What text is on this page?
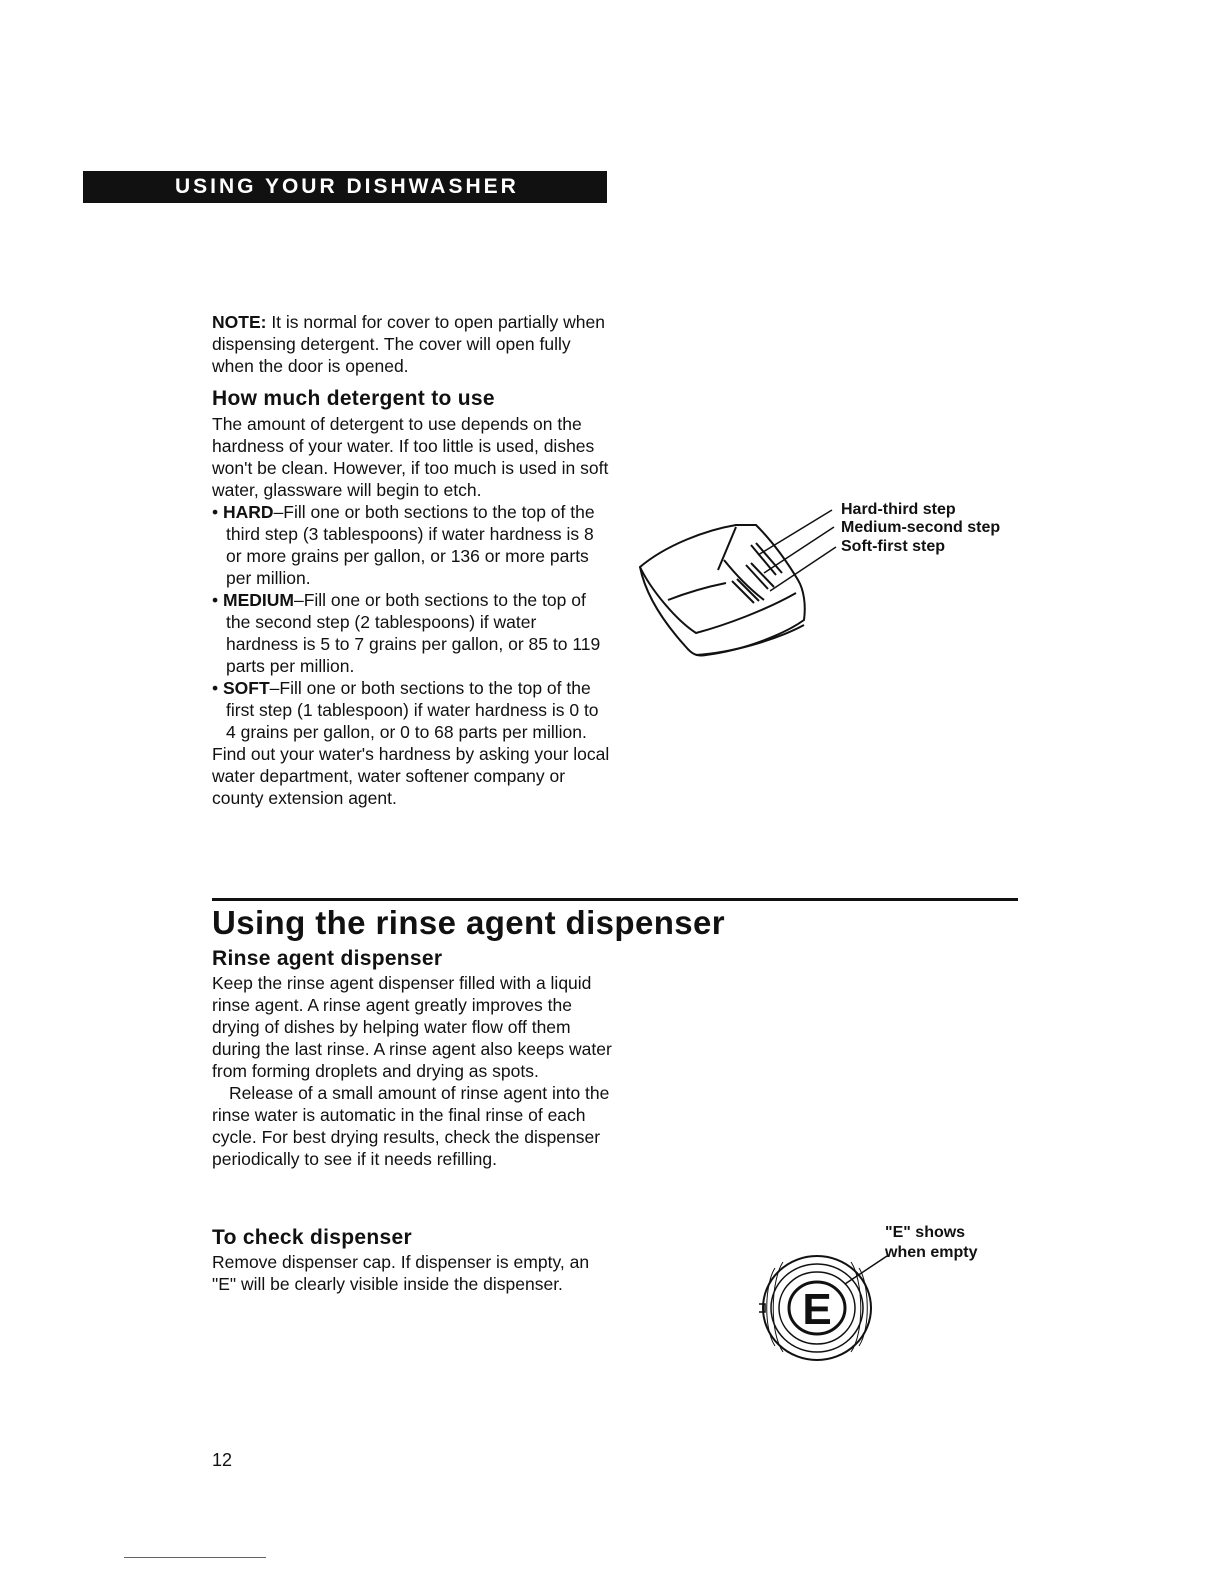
USING YOUR DISHWASHER
NOTE: It is normal for cover to open partially when dispensing detergent. The cover will open fully when the door is opened.
How much detergent to use
The amount of detergent to use depends on the hardness of your water. If too little is used, dishes won't be clean. However, if too much is used in soft water, glassware will begin to etch.
• HARD–Fill one or both sections to the top of the third step (3 tablespoons) if water hardness is 8 or more grains per gallon, or 136 or more parts per million.
• MEDIUM–Fill one or both sections to the top of the second step (2 tablespoons) if water hardness is 5 to 7 grains per gallon, or 85 to 119 parts per million.
• SOFT–Fill one or both sections to the top of the first step (1 tablespoon) if water hardness is 0 to 4 grains per gallon, or 0 to 68 parts per million.
Find out your water's hardness by asking your local water department, water softener company or county extension agent.
Hard-third step
Medium-second step
Soft-first step
Using the rinse agent dispenser
Rinse agent dispenser
Keep the rinse agent dispenser filled with a liquid rinse agent. A rinse agent greatly improves the drying of dishes by helping water flow off them during the last rinse. A rinse agent also keeps water from forming droplets and drying as spots.
Release of a small amount of rinse agent into the rinse water is automatic in the final rinse of each cycle. For best drying results, check the dispenser periodically to see if it needs refilling.
To check dispenser
Remove dispenser cap. If dispenser is empty, an "E" will be clearly visible inside the dispenser.
E
"E" shows
when empty
12
